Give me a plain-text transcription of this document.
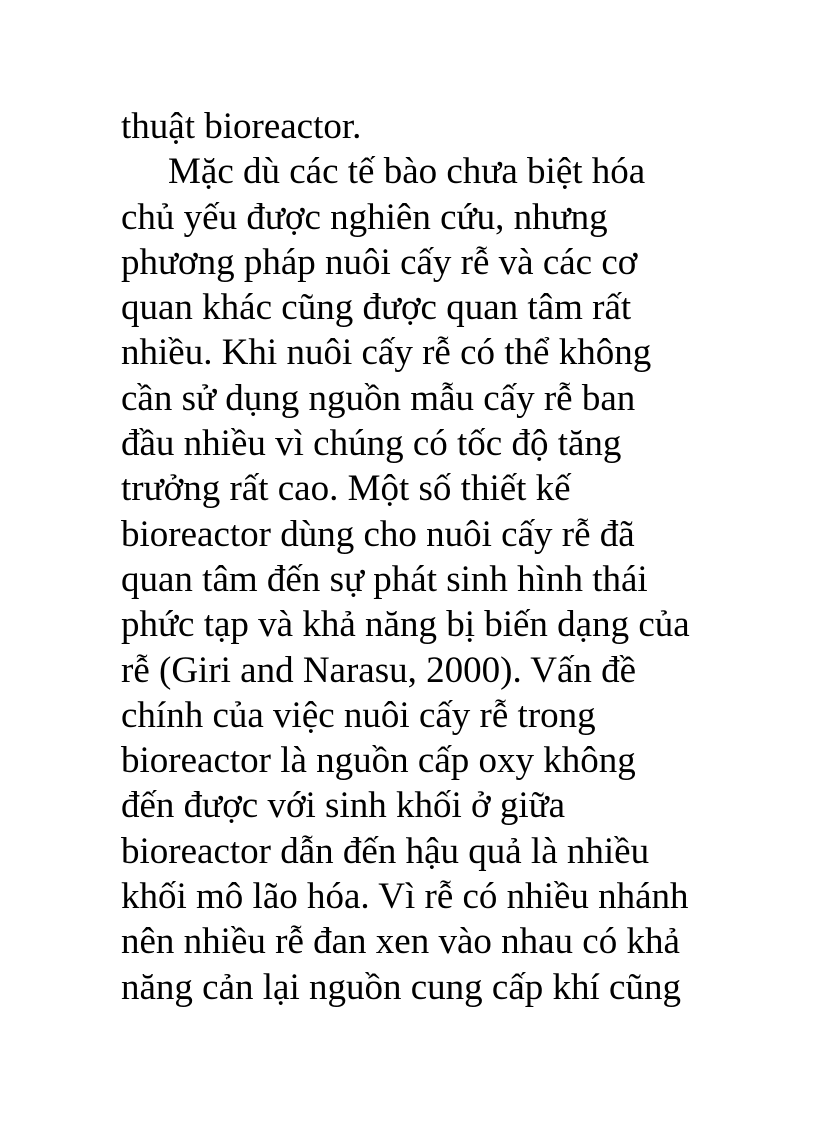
thuật bioreactor.
Mặc dù các tế bào chưa biệt hóa
chủ yếu được nghiên cứu, nhưng
phương pháp nuôi cấy rễ và các cơ
quan khác cũng được quan tâm rất
nhiều. Khi nuôi cấy rễ có thể không
cần sử dụng nguồn mẫu cấy rễ ban
đầu nhiều vì chúng có tốc độ tăng
trưởng rất cao. Một số thiết kế
bioreactor dùng cho nuôi cấy rễ đã
quan tâm đến sự phát sinh hình thái
phức tạp và khả năng bị biến dạng của
rễ (Giri and Narasu, 2000). Vấn đề
chính của việc nuôi cấy rễ trong
bioreactor là nguồn cấp oxy không
đến được với sinh khối ở giữa
bioreactor dẫn đến hậu quả là nhiều
khối mô lão hóa. Vì rễ có nhiều nhánh
nên nhiều rễ đan xen vào nhau có khả
năng cản lại nguồn cung cấp khí cũng
